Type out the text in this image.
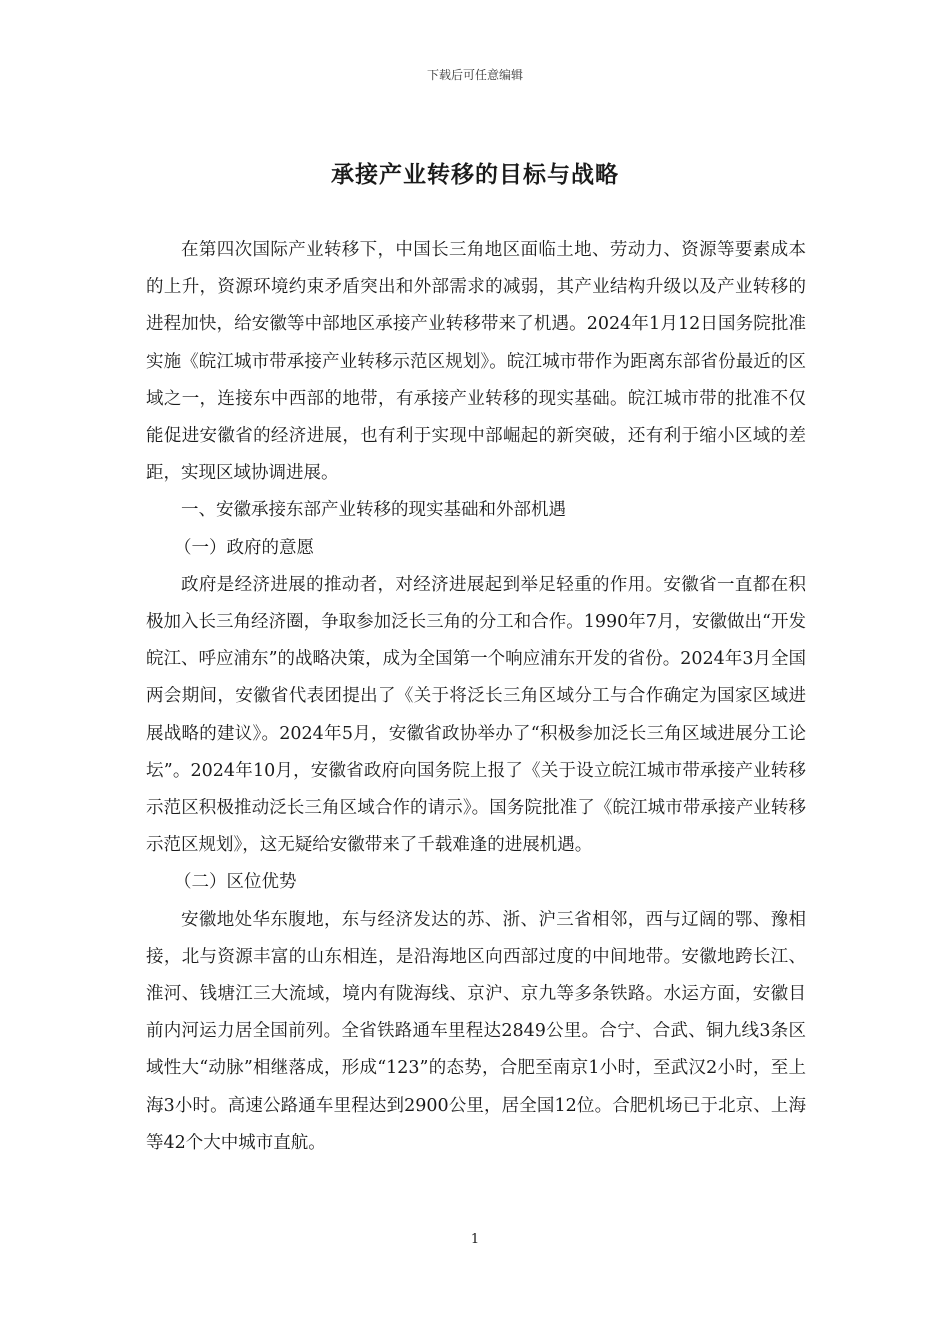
下载后可任意编辑
承接产业转移的目标与战略

在第四次国际产业转移下，中国长三角地区面临土地、劳动力、资源等要素成本的上升，资源环境约束矛盾突出和外部需求的减弱，其产业结构升级以及产业转移的进程加快，给安徽等中部地区承接产业转移带来了机遇。2024年1月12日国务院批准实施《皖江城市带承接产业转移示范区规划》。皖江城市带作为距离东部省份最近的区域之一，连接东中西部的地带，有承接产业转移的现实基础。皖江城市带的批准不仅能促进安徽省的经济进展，也有利于实现中部崛起的新突破，还有利于缩小区域的差距，实现区域协调进展。

一、安徽承接东部产业转移的现实基础和外部机遇

（一）政府的意愿

政府是经济进展的推动者，对经济进展起到举足轻重的作用。安徽省一直都在积极加入长三角经济圈，争取参加泛长三角的分工和合作。1990年7月，安徽做出“开发皖江、呼应浦东”的战略决策，成为全国第一个响应浦东开发的省份。2024年3月全国两会期间，安徽省代表团提出了《关于将泛长三角区域分工与合作确定为国家区域进展战略的建议》。2024年5月，安徽省政协举办了“积极参加泛长三角区域进展分工论坛”。2024年10月，安徽省政府向国务院上报了《关于设立皖江城市带承接产业转移示范区积极推动泛长三角区域合作的请示》。国务院批准了《皖江城市带承接产业转移示范区规划》，这无疑给安徽带来了千载难逢的进展机遇。

（二）区位优势

安徽地处华东腹地，东与经济发达的苏、浙、沪三省相邻，西与辽阔的鄂、豫相接，北与资源丰富的山东相连，是沿海地区向西部过度的中间地带。安徽地跨长江、淮河、钱塘江三大流域，境内有陇海线、京沪、京九等多条铁路。水运方面，安徽目前内河运力居全国前列。全省铁路通车里程达2849公里。合宁、合武、铜九线3条区域性大“动脉”相继落成，形成“123”的态势，合肥至南京1小时，至武汉2小时，至上海3小时。高速公路通车里程达到2900公里，居全国12位。合肥机场已于北京、上海等42个大中城市直航。

1
